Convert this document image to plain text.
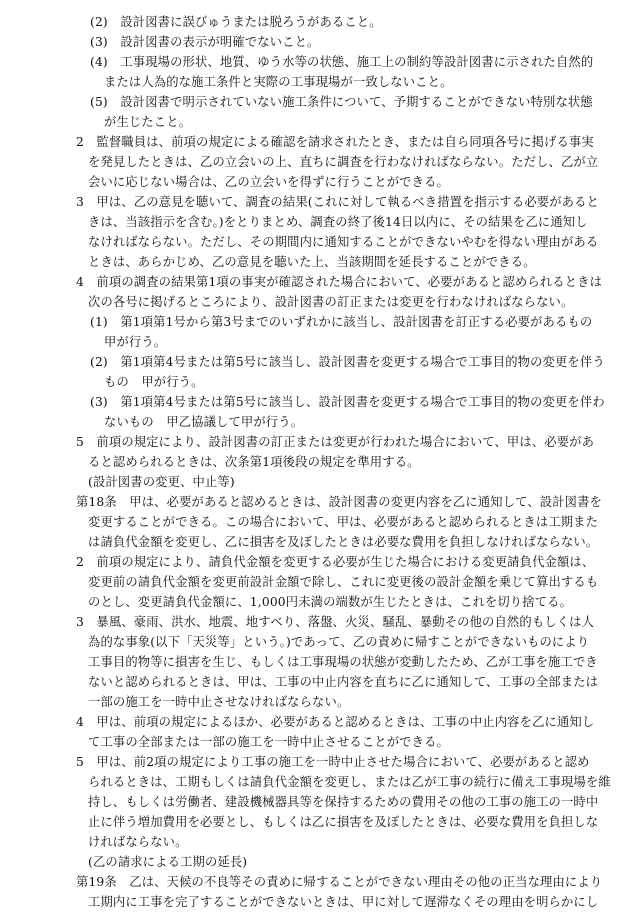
(2)　設計図書に誤びゅうまたは脱ろうがあること。
(3)　設計図書の表示が明確でないこと。
(4)　工事現場の形状、地質、ゆう水等の状態、施工上の制約等設計図書に示された自然的
または人為的な施工条件と実際の工事現場が一致しないこと。
(5)　設計図書で明示されていない施工条件について、予期することができない特別な状態
が生じたこと。
2　監督職員は、前項の規定による確認を請求されたとき、または自ら同項各号に掲げる事実
を発見したときは、乙の立会いの上、直ちに調査を行わなければならない。ただし、乙が立
会いに応じない場合は、乙の立会いを得ずに行うことができる。
3　甲は、乙の意見を聴いて、調査の結果(これに対して執るべき措置を指示する必要があると
きは、当該指示を含む。)をとりまとめ、調査の終了後14日以内に、その結果を乙に通知し
なければならない。ただし、その期間内に通知することができないやむを得ない理由がある
ときは、あらかじめ、乙の意見を聴いた上、当該期間を延長することができる。
4　前項の調査の結果第1項の事実が確認された場合において、必要があると認められるときは
次の各号に掲げるところにより、設計図書の訂正または変更を行わなければならない。
(1)　第1項第1号から第3号までのいずれかに該当し、設計図書を訂正する必要があるもの
甲が行う。
(2)　第1項第4号または第5号に該当し、設計図書を変更する場合で工事目的物の変更を伴う
もの　甲が行う。
(3)　第1項第4号または第5号に該当し、設計図書を変更する場合で工事目的物の変更を伴わ
ないもの　甲乙協議して甲が行う。
5　前項の規定により、設計図書の訂正または変更が行われた場合において、甲は、必要があ
ると認められるときは、次条第1項後段の規定を準用する。
(設計図書の変更、中止等)
第18条　甲は、必要があると認めるときは、設計図書の変更内容を乙に通知して、設計図書を
変更することができる。この場合において、甲は、必要があると認められるときは工期また
は請負代金額を変更し、乙に損害を及ぼしたときは必要な費用を負担しなければならない。
2　前項の規定により、請負代金額を変更する必要が生じた場合における変更請負代金額は、
変更前の請負代金額を変更前設計金額で除し、これに変更後の設計金額を乗じて算出するも
のとし、変更請負代金額に、1,000円未満の端数が生じたときは、これを切り捨てる。
3　暴風、豪雨、洪水、地震、地すべり、落盤、火災、騒乱、暴動その他の自然的もしくは人
為的な事象(以下「天災等」という。)であって、乙の責めに帰すことができないものにより
工事目的物等に損害を生じ、もしくは工事現場の状態が変動したため、乙が工事を施工でき
ないと認められるときは、甲は、工事の中止内容を直ちに乙に通知して、工事の全部または
一部の施工を一時中止させなければならない。
4　甲は、前項の規定によるほか、必要があると認めるときは、工事の中止内容を乙に通知し
て工事の全部または一部の施工を一時中止させることができる。
5　甲は、前2項の規定により工事の施工を一時中止させた場合において、必要があると認め
られるときは、工期もしくは請負代金額を変更し、または乙が工事の続行に備え工事現場を維
持し、もしくは労働者、建設機械器具等を保持するための費用その他の工事の施工の一時中
止に伴う増加費用を必要とし、もしくは乙に損害を及ぼしたときは、必要な費用を負担しな
ければならない。
(乙の請求による工期の延長)
第19条　乙は、天候の不良等その責めに帰することができない理由その他の正当な理由により
工期内に工事を完了することができないときは、甲に対して遅滞なくその理由を明らかにし
